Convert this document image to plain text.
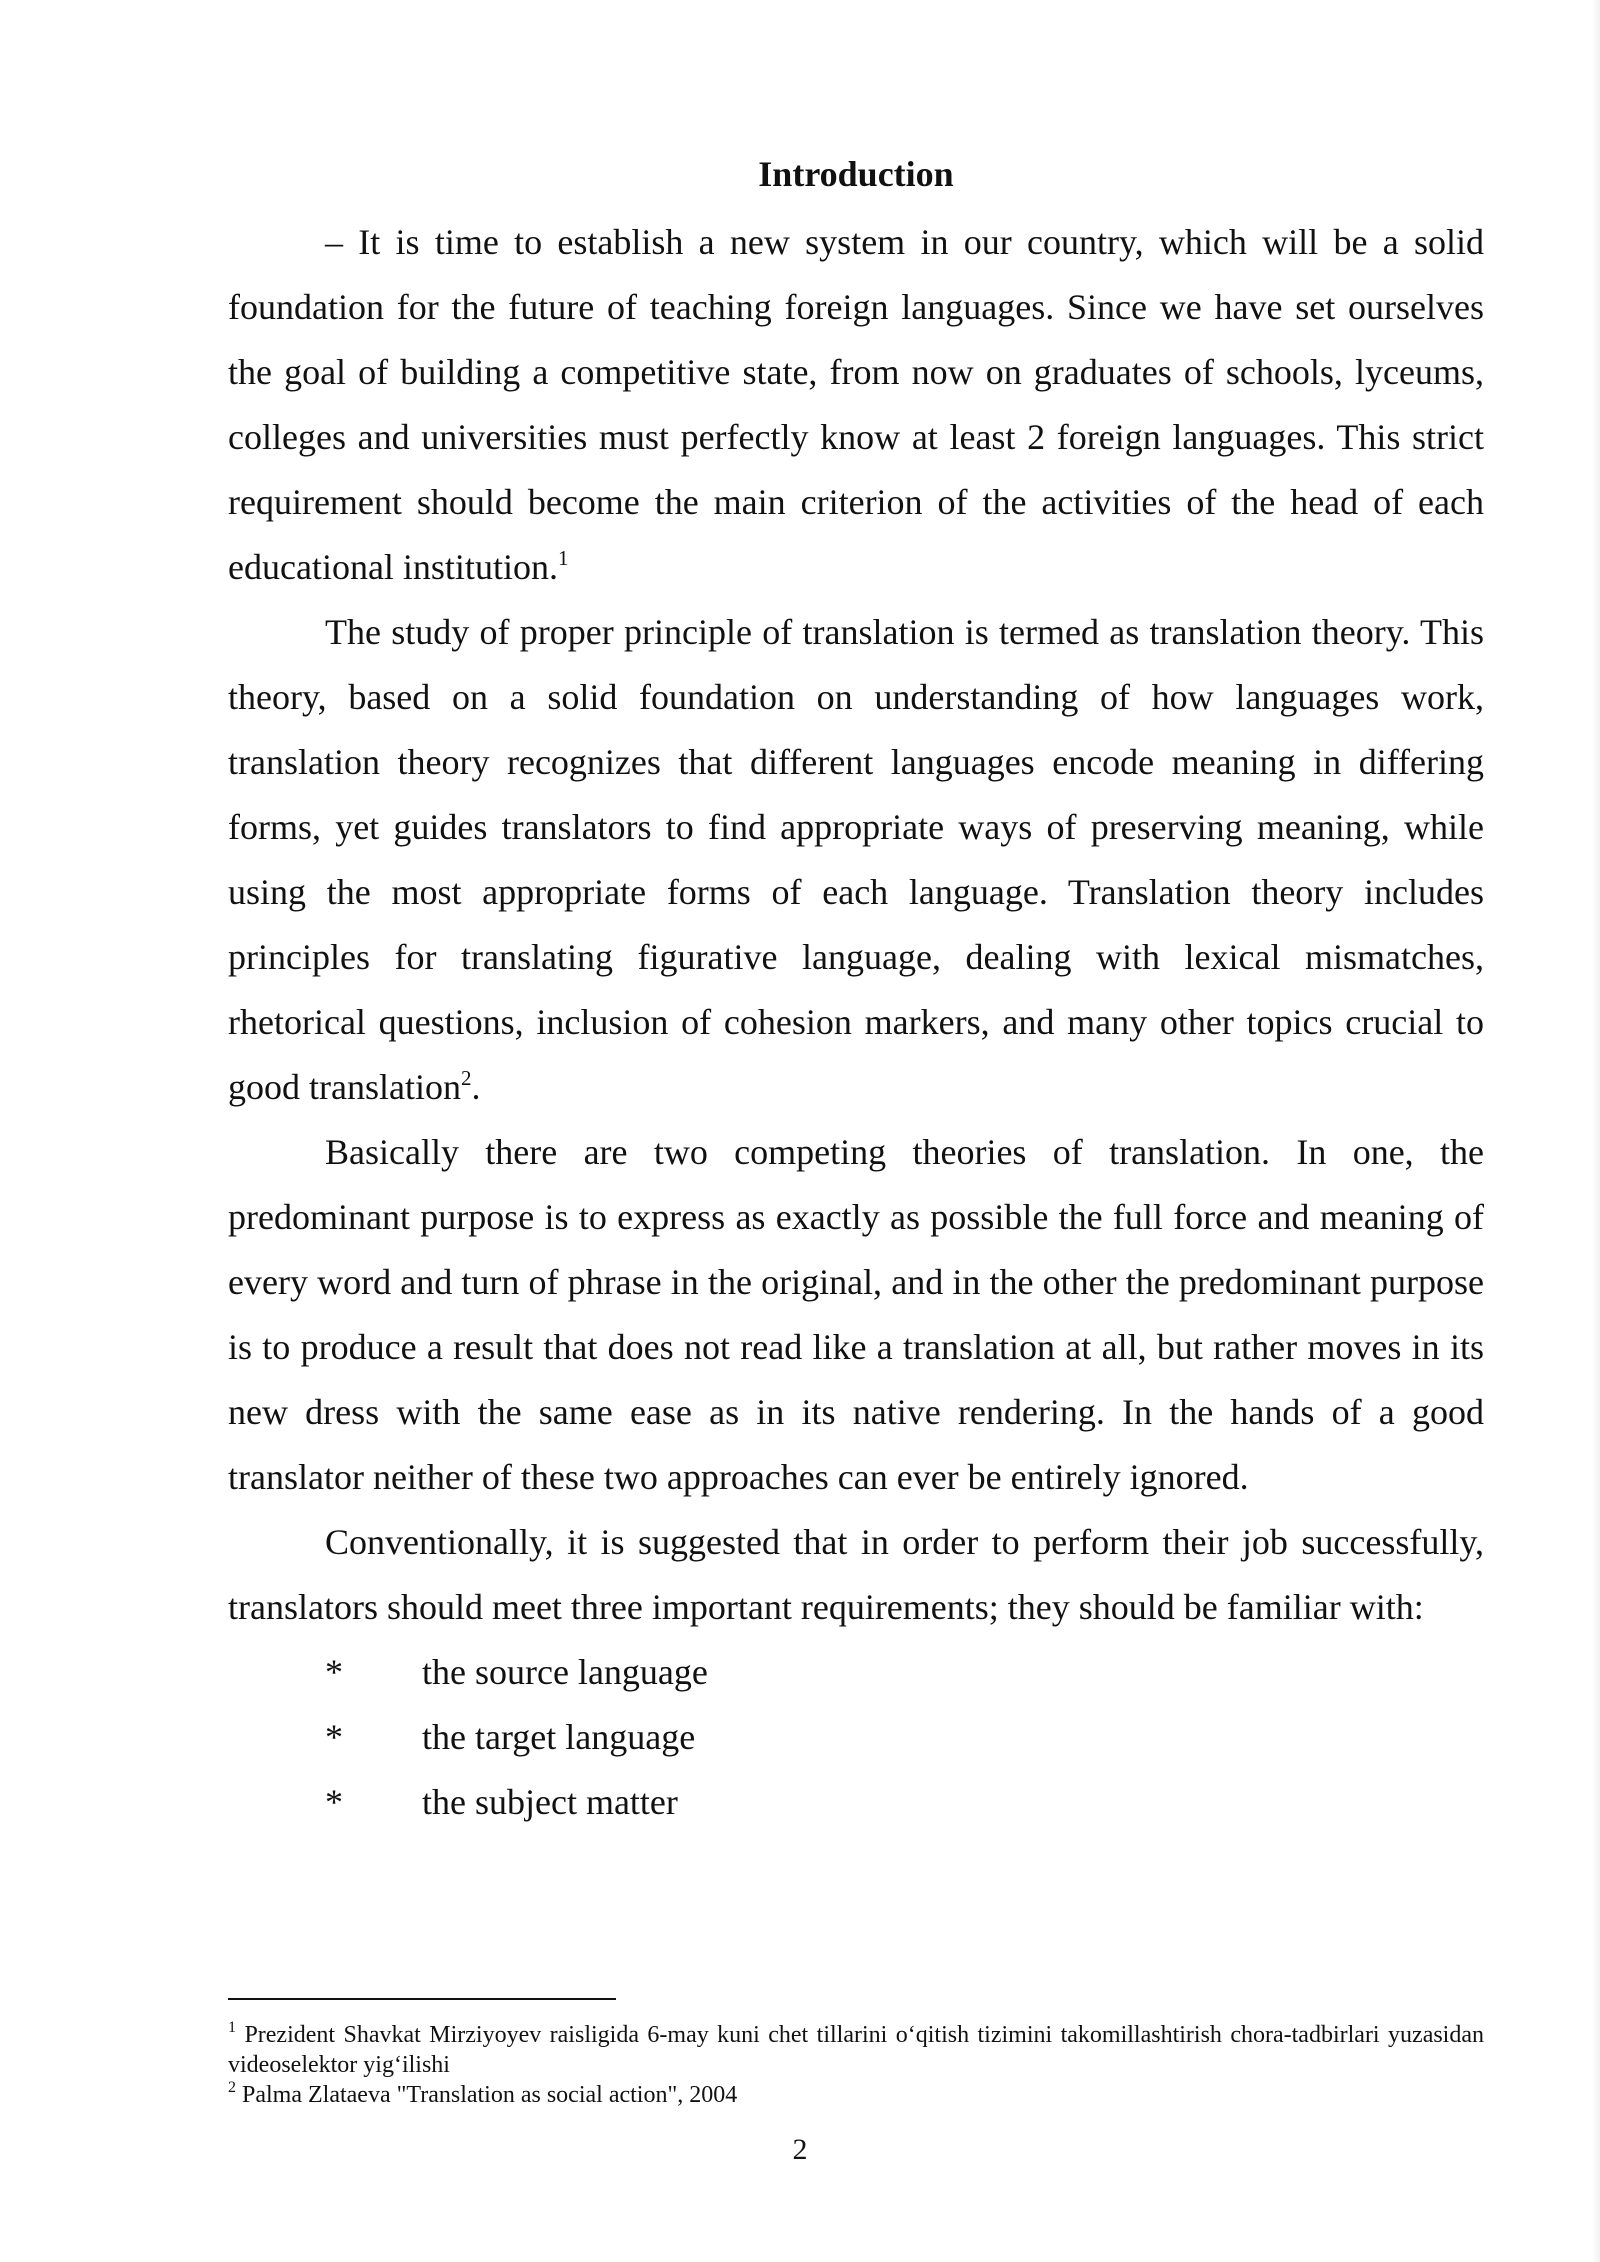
Introduction

– It is time to establish a new system in our country, which will be a solid foundation for the future of teaching foreign languages. Since we have set ourselves the goal of building a competitive state, from now on graduates of schools, lyceums, colleges and universities must perfectly know at least 2 foreign languages. This strict requirement should become the main criterion of the activities of the head of each educational institution.$^1$

The study of proper principle of translation is termed as translation theory. This theory, based on a solid foundation on understanding of how languages work, translation theory recognizes that different languages encode meaning in differing forms, yet guides translators to find appropriate ways of preserving meaning, while using the most appropriate forms of each language. Translation theory includes principles for translating figurative language, dealing with lexical mismatches, rhetorical questions, inclusion of cohesion markers, and many other topics crucial to good translation$^2$.

Basically there are two competing theories of translation. In one, the predominant purpose is to express as exactly as possible the full force and meaning of every word and turn of phrase in the original, and in the other the predominant purpose is to produce a result that does not read like a translation at all, but rather moves in its new dress with the same ease as in its native rendering. In the hands of a good translator neither of these two approaches can ever be entirely ignored.

Conventionally, it is suggested that in order to perform their job successfully, translators should meet three important requirements; they should be familiar with:

*	the source language
*	the target language
*	the subject matter

$^1$ Prezident Shavkat Mirziyoyev raisligida 6-may kuni chet tillarini o‘qitish tizimini takomillashtirish chora-tadbirlari yuzasidan videoselektor yig‘ilishi

$^2$ Palma Zlataeva "Translation as social action", 2004

2
